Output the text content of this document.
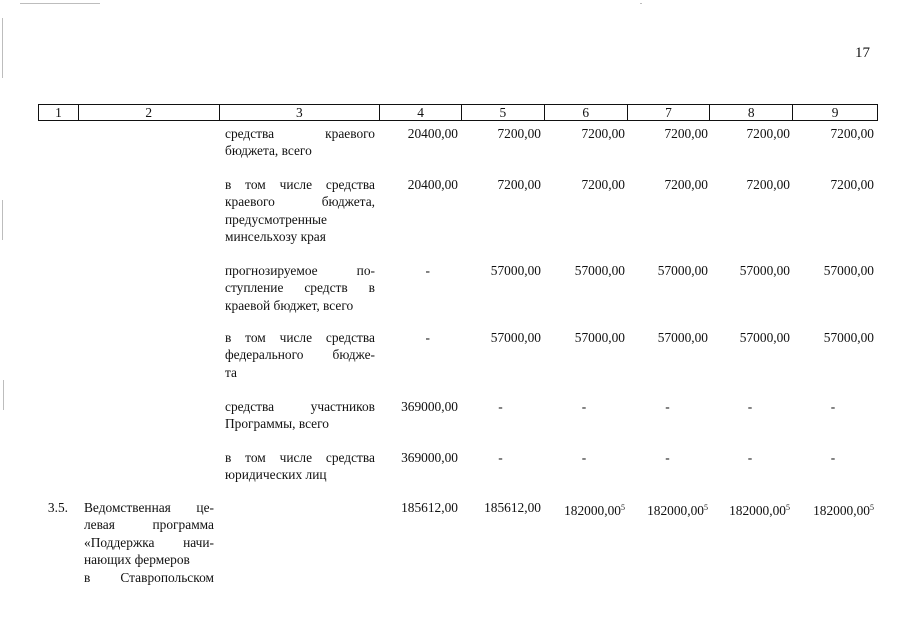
17
1	2	3	4	5	6	7	8	9
средства краевого
бюджета, всего
20400,00	7200,00	7200,00	7200,00	7200,00	7200,00
в том числе средства
краевого бюджета,
предусмотренные
минсельхозу края
20400,00	7200,00	7200,00	7200,00	7200,00	7200,00
прогнозируемое по-
ступление средств в
краевой бюджет, всего
-	57000,00	57000,00	57000,00	57000,00	57000,00
в том числе средства
федерального бюдже-
та
-	57000,00	57000,00	57000,00	57000,00	57000,00
средства участников
Программы, всего
369000,00	-	-	-	-	-
в том числе средства
юридических лиц
369000,00	-	-	-	-	-
3.5. Ведомственная це-
левая программа
«Поддержка начи-
нающих фермеров
в Ставропольском
185612,00	185612,00	182000,00$^5$	182000,00$^5$	182000,00$^5$	182000,00$^5$
